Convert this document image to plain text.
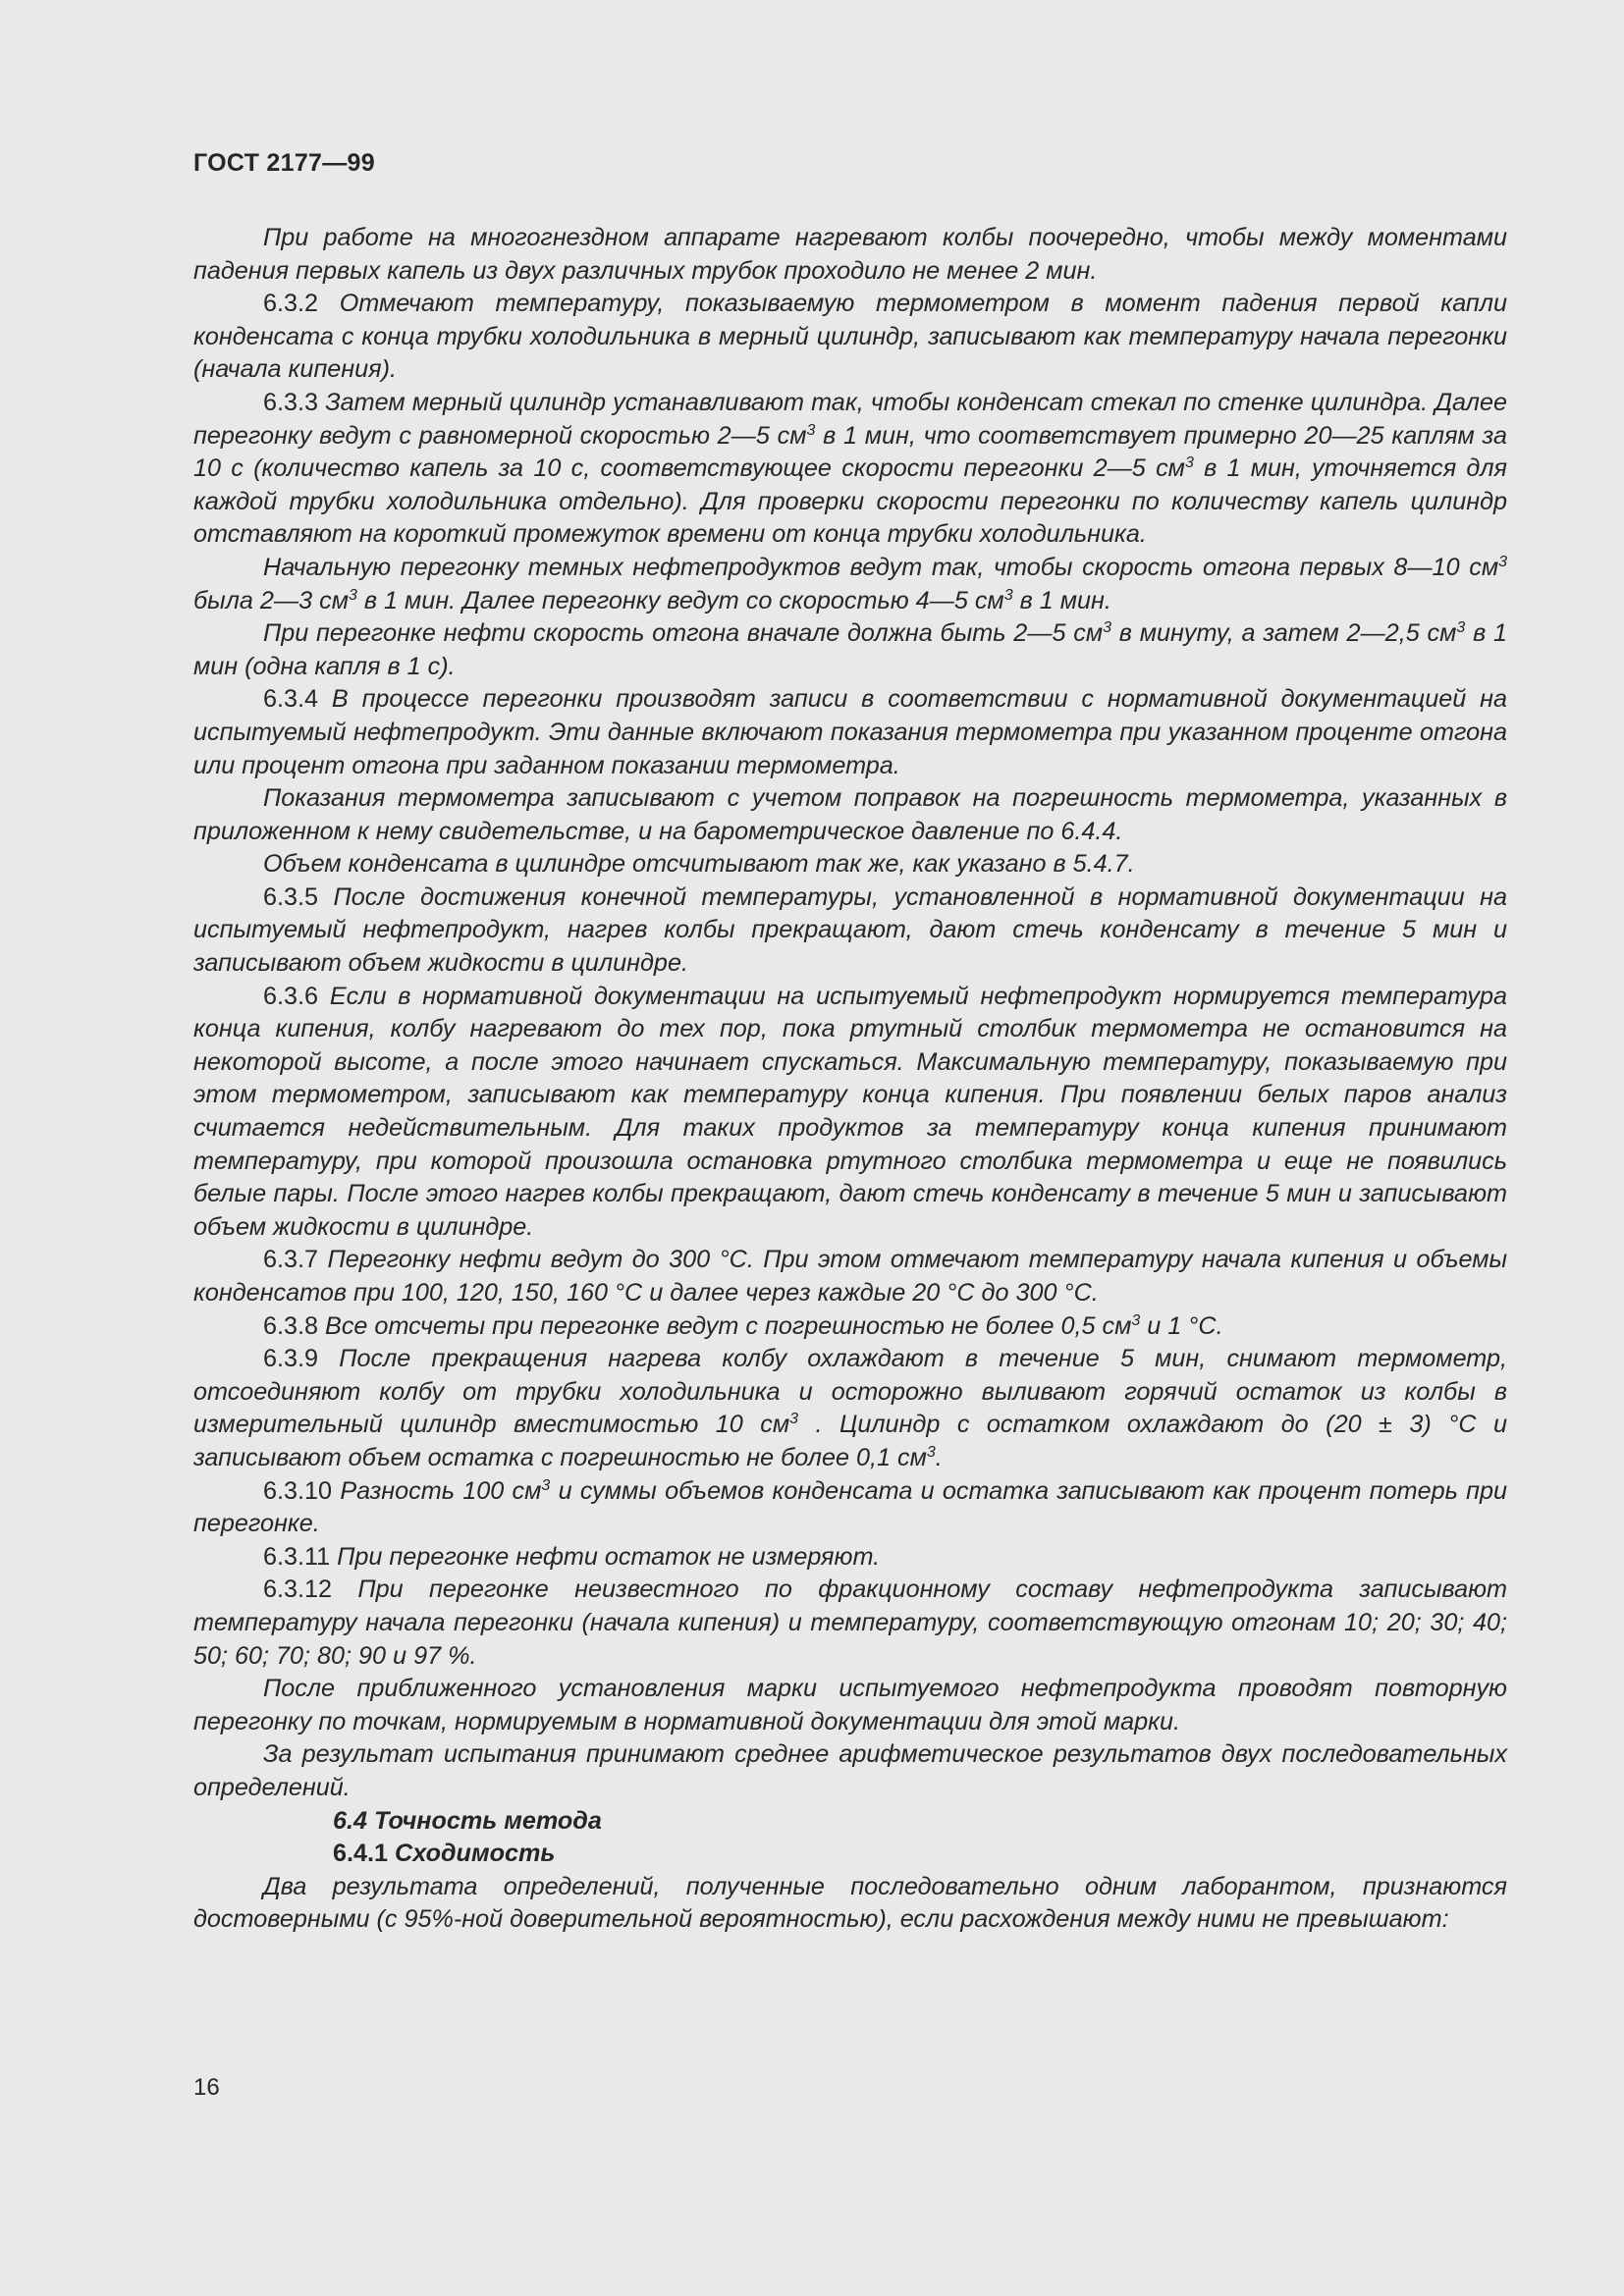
ГОСТ 2177—99

При работе на многогнездном аппарате нагревают колбы поочередно, чтобы между моментами падения первых капель из двух различных трубок проходило не менее 2 мин.

6.3.2 Отмечают температуру, показываемую термометром в момент падения первой капли конденсата с конца трубки холодильника в мерный цилиндр, записывают как температуру начала перегонки (начала кипения).

6.3.3 Затем мерный цилиндр устанавливают так, чтобы конденсат стекал по стенке цилиндра. Далее перегонку ведут с равномерной скоростью 2—5 $см^3$ в 1 мин, что соответствует примерно 20—25 каплям за 10 с (количество капель за 10 с, соответствующее скорости перегонки 2—5 $см^3$ в 1 мин, уточняется для каждой трубки холодильника отдельно). Для проверки скорости перегонки по количеству капель цилиндр отставляют на короткий промежуток времени от конца трубки холодильника.

Начальную перегонку темных нефтепродуктов ведут так, чтобы скорость отгона первых 8—10 $см^3$ была 2—3 $см^3$ в 1 мин. Далее перегонку ведут со скоростью 4—5 $см^3$ в 1 мин.

При перегонке нефти скорость отгона вначале должна быть 2—5 $см^3$ в минуту, а затем 2—2,5 $см^3$ в 1 мин (одна капля в 1 с).

6.3.4 В процессе перегонки производят записи в соответствии с нормативной документацией на испытуемый нефтепродукт. Эти данные включают показания термометра при указанном проценте отгона или процент отгона при заданном показании термометра.

Показания термометра записывают с учетом поправок на погрешность термометра, указанных в приложенном к нему свидетельстве, и на барометрическое давление по 6.4.4.

Объем конденсата в цилиндре отсчитывают так же, как указано в 5.4.7.

6.3.5 После достижения конечной температуры, установленной в нормативной документации на испытуемый нефтепродукт, нагрев колбы прекращают, дают стечь конденсату в течение 5 мин и записывают объем жидкости в цилиндре.

6.3.6 Если в нормативной документации на испытуемый нефтепродукт нормируется температура конца кипения, колбу нагревают до тех пор, пока ртутный столбик термометра не остановится на некоторой высоте, а после этого начинает спускаться. Максимальную температуру, показываемую при этом термометром, записывают как температуру конца кипения. При появлении белых паров анализ считается недействительным. Для таких продуктов за температуру конца кипения принимают температуру, при которой произошла остановка ртутного столбика термометра и еще не появились белые пары. После этого нагрев колбы прекращают, дают стечь конденсату в течение 5 мин и записывают объем жидкости в цилиндре.

6.3.7 Перегонку нефти ведут до 300 °С. При этом отмечают температуру начала кипения и объемы конденсатов при 100, 120, 150, 160 °С и далее через каждые 20 °С до 300 °С.

6.3.8 Все отсчеты при перегонке ведут с погрешностью не более 0,5 $см^3$ и 1 °С.

6.3.9 После прекращения нагрева колбу охлаждают в течение 5 мин, снимают термометр, отсоединяют колбу от трубки холодильника и осторожно выливают горячий остаток из колбы в измерительный цилиндр вместимостью 10 $см^3$ . Цилиндр с остатком охлаждают до (20 ± 3) °С и записывают объем остатка с погрешностью не более 0,1 $см^3$.

6.3.10 Разность 100 $см^3$ и суммы объемов конденсата и остатка записывают как процент потерь при перегонке.

6.3.11 При перегонке нефти остаток не измеряют.

6.3.12 При перегонке неизвестного по фракционному составу нефтепродукта записывают температуру начала перегонки (начала кипения) и температуру, соответствующую отгонам 10; 20; 30; 40; 50; 60; 70; 80; 90 и 97 %.

После приближенного установления марки испытуемого нефтепродукта проводят повторную перегонку по точкам, нормируемым в нормативной документации для этой марки.

За результат испытания принимают среднее арифметическое результатов двух последовательных определений.

6.4 Точность метода

6.4.1 Сходимость

Два результата определений, полученные последовательно одним лаборантом, признаются достоверными (с 95%-ной доверительной вероятностью), если расхождения между ними не превышают:

16
